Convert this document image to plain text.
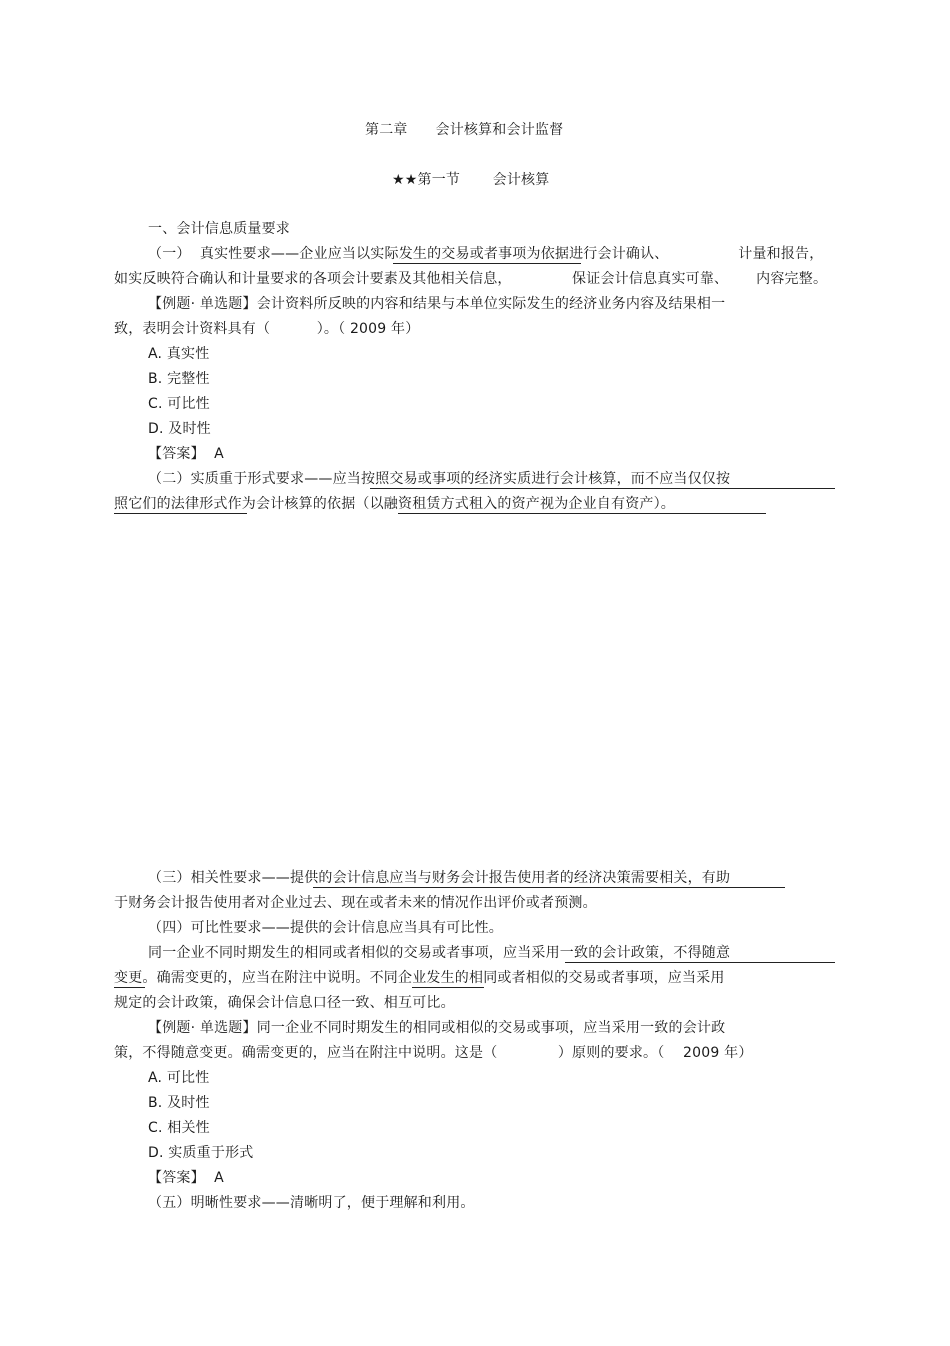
第二章      会计核算和会计监督
★★第一节       会计核算
一、会计信息质量要求
（一）  真实性要求——企业应当以实际发生的交易或者事项为依据进行会计确认、               计量和报告，
如实反映符合确认和计量要求的各项会计要素及其他相关信息，             保证会计信息真实可靠、      内容完整。
【例题· 单选题】会计资料所反映的内容和结果与本单位实际发生的经济业务内容及结果相一
致，表明会计资料具有（          ）。（ 2009 年）
A. 真实性
B. 完整性
C. 可比性
D. 及时性
【答案】  A
（二）实质重于形式要求——应当按照交易或事项的经济实质进行会计核算，而不应当仅仅按
照它们的法律形式作为会计核算的依据（以融资租赁方式租入的资产视为企业自有资产）。
（三）相关性要求——提供的会计信息应当与财务会计报告使用者的经济决策需要相关，有助
于财务会计报告使用者对企业过去、现在或者未来的情况作出评价或者预测。
（四）可比性要求——提供的会计信息应当具有可比性。
同一企业不同时期发生的相同或者相似的交易或者事项，应当采用一致的会计政策，不得随意
变更。确需变更的，应当在附注中说明。不同企业发生的相同或者相似的交易或者事项，应当采用
规定的会计政策，确保会计信息口径一致、相互可比。
【例题· 单选题】同一企业不同时期发生的相同或相似的交易或事项，应当采用一致的会计政
策，不得随意变更。确需变更的，应当在附注中说明。这是（             ）原则的要求。（    2009 年）
A. 可比性
B. 及时性
C. 相关性
D. 实质重于形式
【答案】  A
（五）明晰性要求——清晰明了，便于理解和利用。
